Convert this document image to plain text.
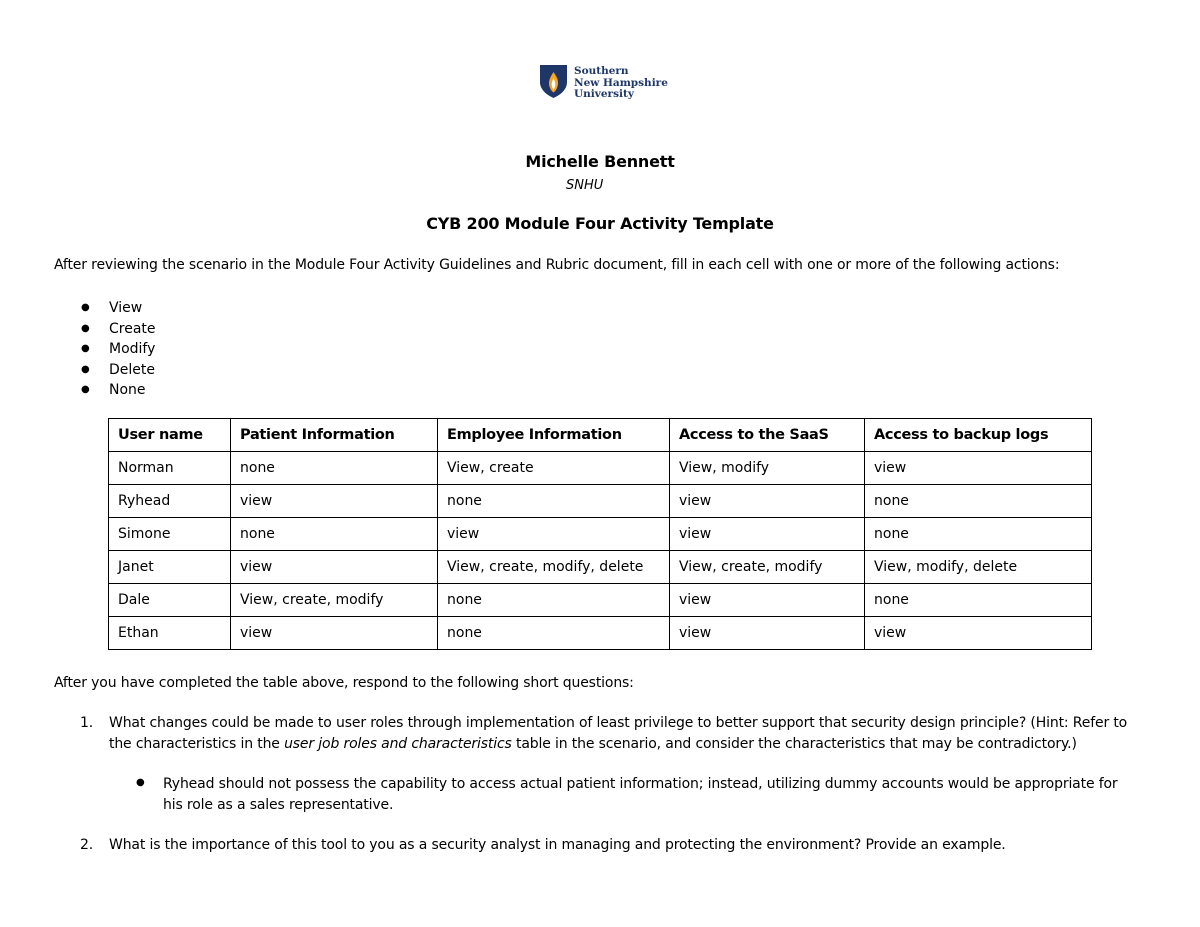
Southern
New Hampshire
University
Michelle Bennett
SNHU
CYB 200 Module Four Activity Template
After reviewing the scenario in the Module Four Activity Guidelines and Rubric document, fill in each cell with one or more of the following actions:
● View
● Create
● Modify
● Delete
● None
User name	Patient Information	Employee Information	Access to the SaaS	Access to backup logs
Norman	none	View, create	View, modify	view
Ryhead	view	none	view	none
Simone	none	view	view	none
Janet	view	View, create, modify, delete	View, create, modify	View, modify, delete
Dale	View, create, modify	none	view	none
Ethan	view	none	view	view
After you have completed the table above, respond to the following short questions:
1. What changes could be made to user roles through implementation of least privilege to better support that security design principle? (Hint: Refer to the characteristics in the user job roles and characteristics table in the scenario, and consider the characteristics that may be contradictory.)
● Ryhead should not possess the capability to access actual patient information; instead, utilizing dummy accounts would be appropriate for his role as a sales representative.
2. What is the importance of this tool to you as a security analyst in managing and protecting the environment? Provide an example.
